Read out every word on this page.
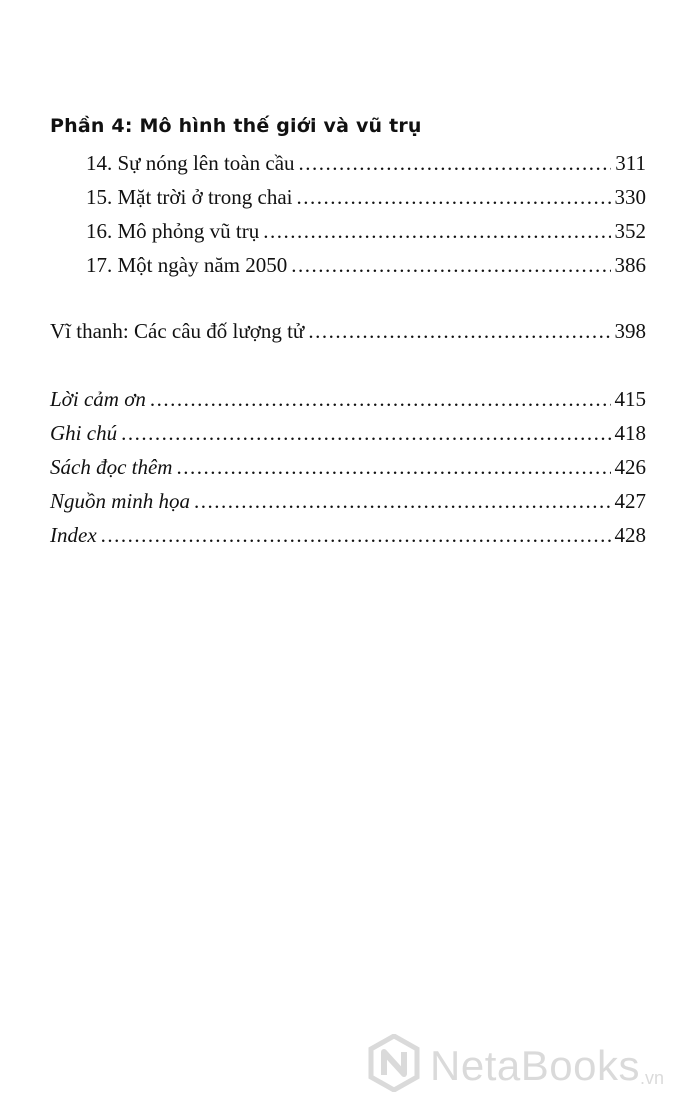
Phần 4: Mô hình thế giới và vũ trụ
14. Sự nóng lên toàn cầu .....	311
15. Mặt trời ở trong chai .....	330
16. Mô phỏng vũ trụ .....	352
17. Một ngày năm 2050 .....	386
Vĩ thanh: Các câu đố lượng tử .....	398
Lời cảm ơn .....	415
Ghi chú .....	418
Sách đọc thêm .....	426
Nguồn minh họa .....	427
Index .....	428
NetaBooks .vn
